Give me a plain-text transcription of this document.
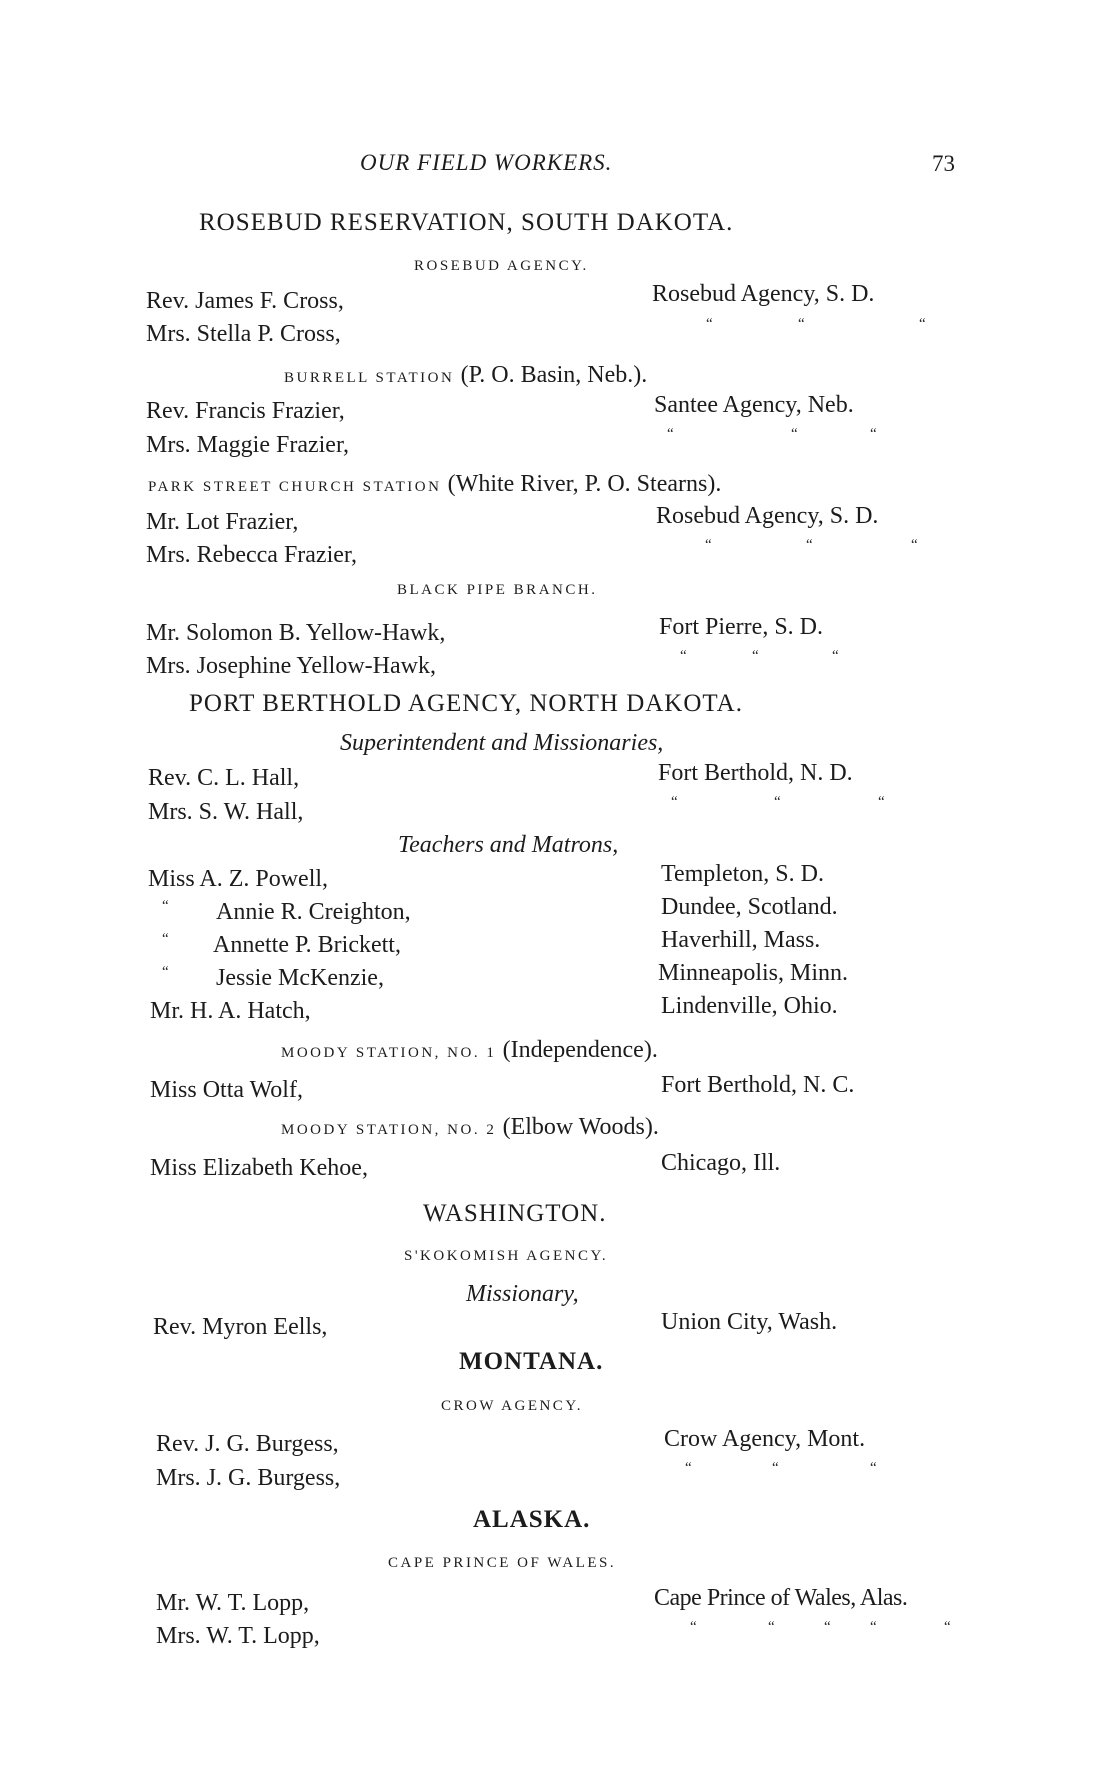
OUR FIELD WORKERS.	73
ROSEBUD RESERVATION, SOUTH DAKOTA.
ROSEBUD AGENCY.
Rev. James F. Cross,	Rosebud Agency, S. D.
Mrs. Stella P. Cross,	“	“	“
BURRELL STATION (P. O. Basin, Neb.).
Rev. Francis Frazier,	Santee Agency, Neb.
Mrs. Maggie Frazier,	“	“	“
PARK STREET CHURCH STATION (White River, P. O. Stearns).
Mr. Lot Frazier,	Rosebud Agency, S. D.
Mrs. Rebecca Frazier,	“	“	“
BLACK PIPE BRANCH.
Mr. Solomon B. Yellow-Hawk,	Fort Pierre, S. D.
Mrs. Josephine Yellow-Hawk,	“	“	“
PORT BERTHOLD AGENCY, NORTH DAKOTA.
Superintendent and Missionaries,
Rev. C. L. Hall,	Fort Berthold, N. D.
Mrs. S. W. Hall,	“	“	“
Teachers and Matrons,
Miss A. Z. Powell,	Templeton, S. D.
“ Annie R. Creighton,	Dundee, Scotland.
“ Annette P. Brickett,	Haverhill, Mass.
“ Jessie McKenzie,	Minneapolis, Minn.
Mr. H. A. Hatch,	Lindenville, Ohio.
MOODY STATION, NO. 1 (Independence).
Miss Otta Wolf,	Fort Berthold, N. C.
MOODY STATION, NO. 2 (Elbow Woods).
Miss Elizabeth Kehoe,	Chicago, Ill.
WASHINGTON.
S'KOKOMISH AGENCY.
Missionary,
Rev. Myron Eells,	Union City, Wash.
MONTANA.
CROW AGENCY.
Rev. J. G. Burgess,	Crow Agency, Mont.
Mrs. J. G. Burgess,	“	“	“
ALASKA.
CAPE PRINCE OF WALES.
Mr. W. T. Lopp,	Cape Prince of Wales, Alas.
Mrs. W. T. Lopp,	“	“	“	“	“
